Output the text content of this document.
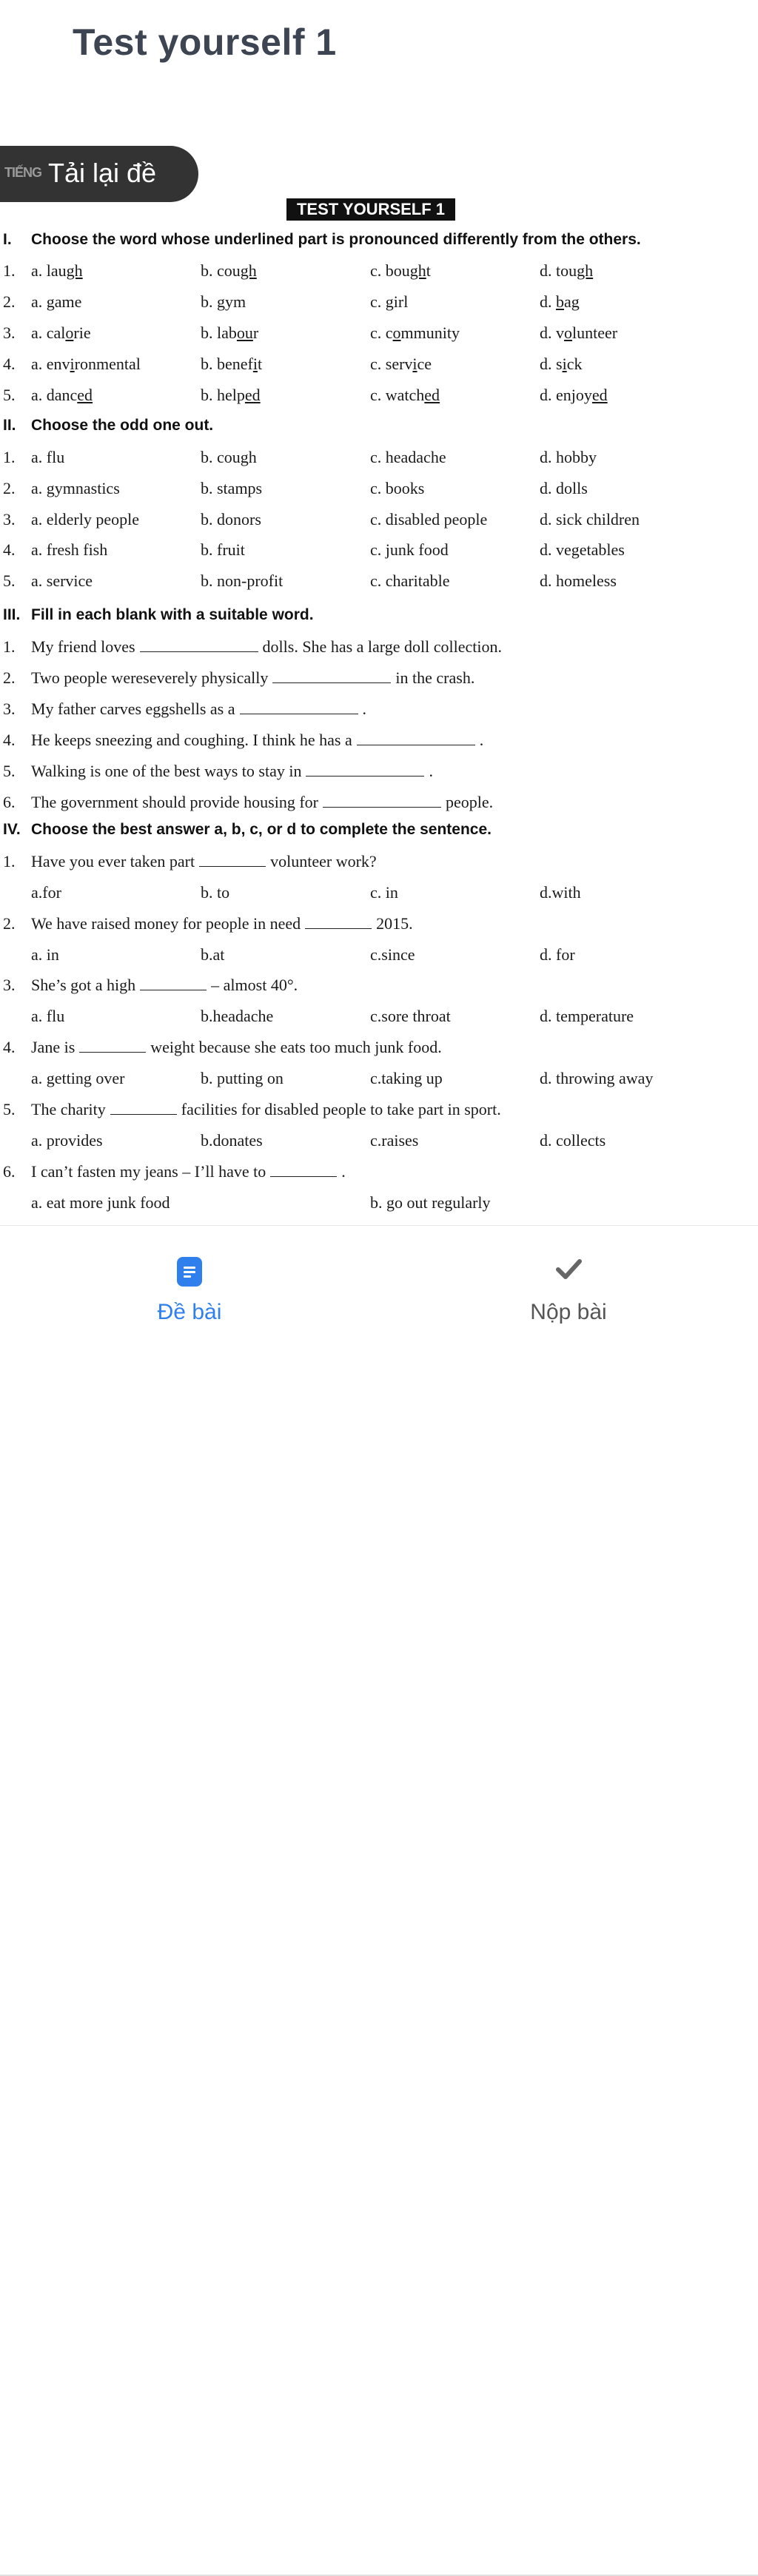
Test yourself 1
TIẾNG Tải lại đề
TEST YOURSELF 1
I. Choose the word whose underlined part is pronounced differently from the others.
1. a. laugh	b. cough	c. bought	d. tough
2. a. game	b. gym	c. girl	d. bag
3. a. calorie	b. labour	c. community	d. volunteer
4. a. environmental	b. benefit	c. service	d. sick
5. a. danced	b. helped	c. watched	d. enjoyed
II. Choose the odd one out.
1. a. flu	b. cough	c. headache	d. hobby
2. a. gymnastics	b. stamps	c. books	d. dolls
3. a. elderly people	b. donors	c. disabled people	d. sick children
4. a. fresh fish	b. fruit	c. junk food	d. vegetables
5. a. service	b. non-profit	c. charitable	d. homeless
III. Fill in each blank with a suitable word.
1. My friend loves	dolls. She has a large doll collection.
2. Two people wereseverely physically	in the crash.
3. My father carves eggshells as a	.
4. He keeps sneezing and coughing. I think he has a	.
5. Walking is one of the best ways to stay in	.
6. The government should provide housing for	people.
IV. Choose the best answer a, b, c, or d to complete the sentence.
1. Have you ever taken part	volunteer work?
a.for	b. to	c. in	d.with
2. We have raised money for people in need	2015.
a. in	b.at	c.since	d. for
3. She’s got a high	– almost 40°.
a. flu	b.headache	c.sore throat	d. temperature
4. Jane is	weight because she eats too much junk food.
a. getting over	b. putting on	c.taking up	d. throwing away
5. The charity	facilities for disabled people to take part in sport.
a. provides	b.donates	c.raises	d. collects
6. I can’t fasten my jeans – I’ll have to	.
a. eat more junk food	b. go out regularly
Đề bài	Nộp bài
